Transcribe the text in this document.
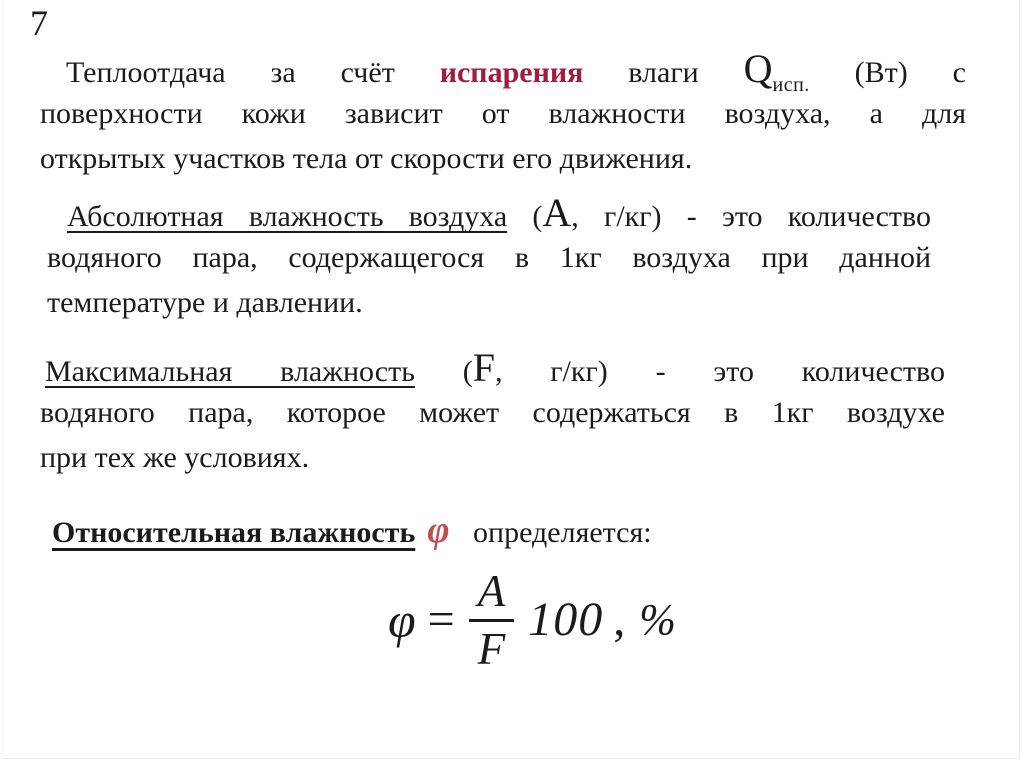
7
Теплоотдача за счёт испарения влаги $Q_{исп.}$ (Вт) с
поверхности кожи зависит от влажности воздуха, а для
открытых участков тела от скорости его движения.
Абсолютная влажность воздуха (А, г/кг) - это количество
водяного пара, содержащегося в 1кг воздуха при данной
температуре и давлении.
Максимальная влажность (F, г/кг) - это количество
водяного пара, которое может содержаться в 1кг воздухе
при тех же условиях.
Относительная влажность φ определяется:
$\varphi = \frac{A}{F} 100$ , %
